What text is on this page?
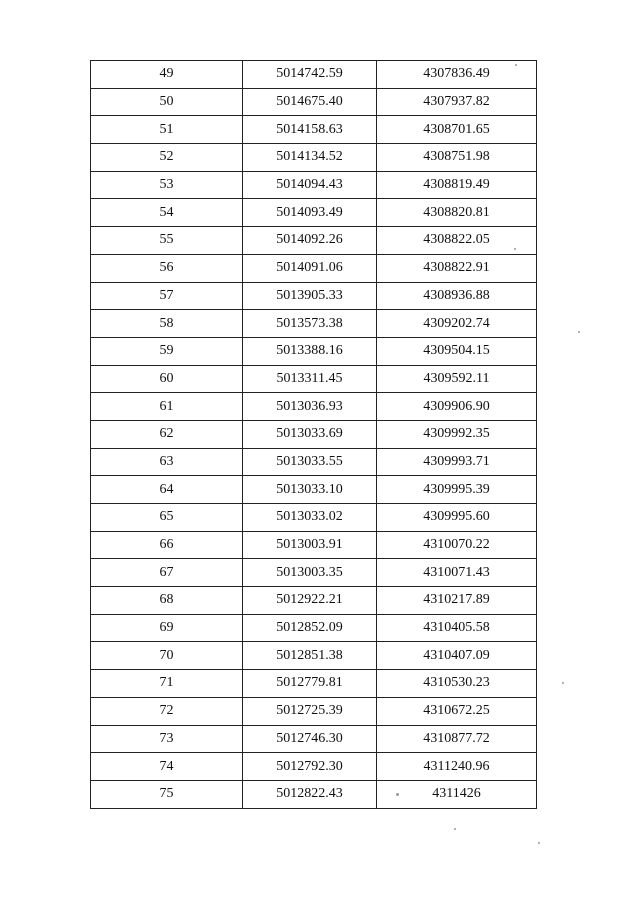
49	5014742.59	4307836.49
50	5014675.40	4307937.82
51	5014158.63	4308701.65
52	5014134.52	4308751.98
53	5014094.43	4308819.49
54	5014093.49	4308820.81
55	5014092.26	4308822.05
56	5014091.06	4308822.91
57	5013905.33	4308936.88
58	5013573.38	4309202.74
59	5013388.16	4309504.15
60	5013311.45	4309592.11
61	5013036.93	4309906.90
62	5013033.69	4309992.35
63	5013033.55	4309993.71
64	5013033.10	4309995.39
65	5013033.02	4309995.60
66	5013003.91	4310070.22
67	5013003.35	4310071.43
68	5012922.21	4310217.89
69	5012852.09	4310405.58
70	5012851.38	4310407.09
71	5012779.81	4310530.23
72	5012725.39	4310672.25
73	5012746.30	4310877.72
74	5012792.30	4311240.96
75	5012822.43	4311426
